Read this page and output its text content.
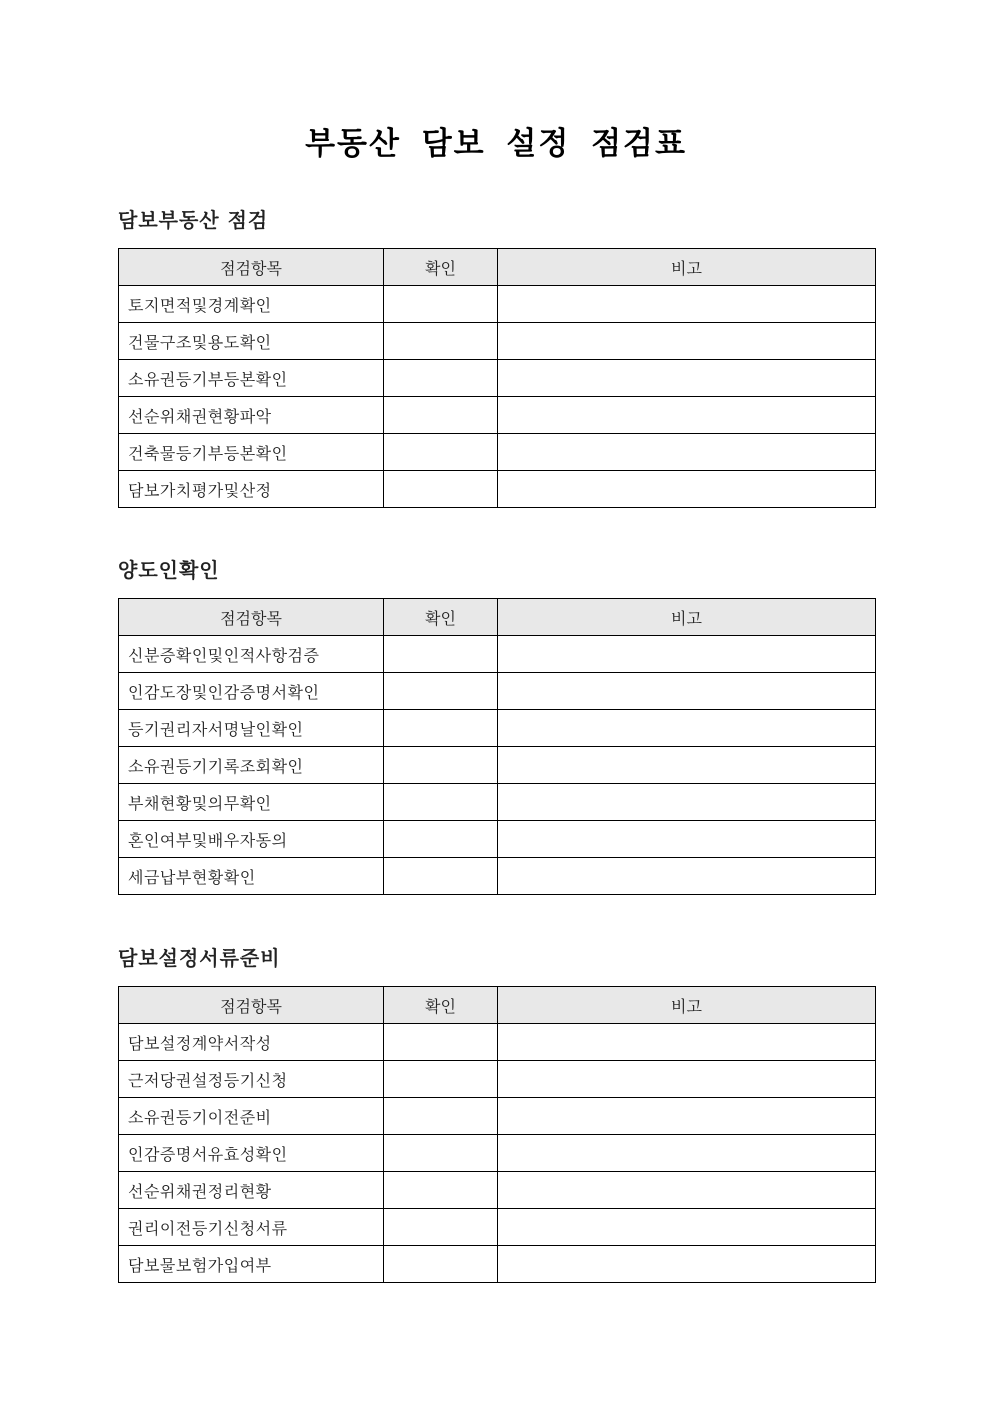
부동산 담보 설정 점검표
담보부동산 점검
점검항목	확인	비고
토지면적및경계확인		
건물구조및용도확인		
소유권등기부등본확인		
선순위채권현황파악		
건축물등기부등본확인		
담보가치평가및산정		
양도인확인
점검항목	확인	비고
신분증확인및인적사항검증		
인감도장및인감증명서확인		
등기권리자서명날인확인		
소유권등기기록조회확인		
부채현황및의무확인		
혼인여부및배우자동의		
세금납부현황확인		
담보설정서류준비
점검항목	확인	비고
담보설정계약서작성		
근저당권설정등기신청		
소유권등기이전준비		
인감증명서유효성확인		
선순위채권정리현황		
권리이전등기신청서류		
담보물보험가입여부		
